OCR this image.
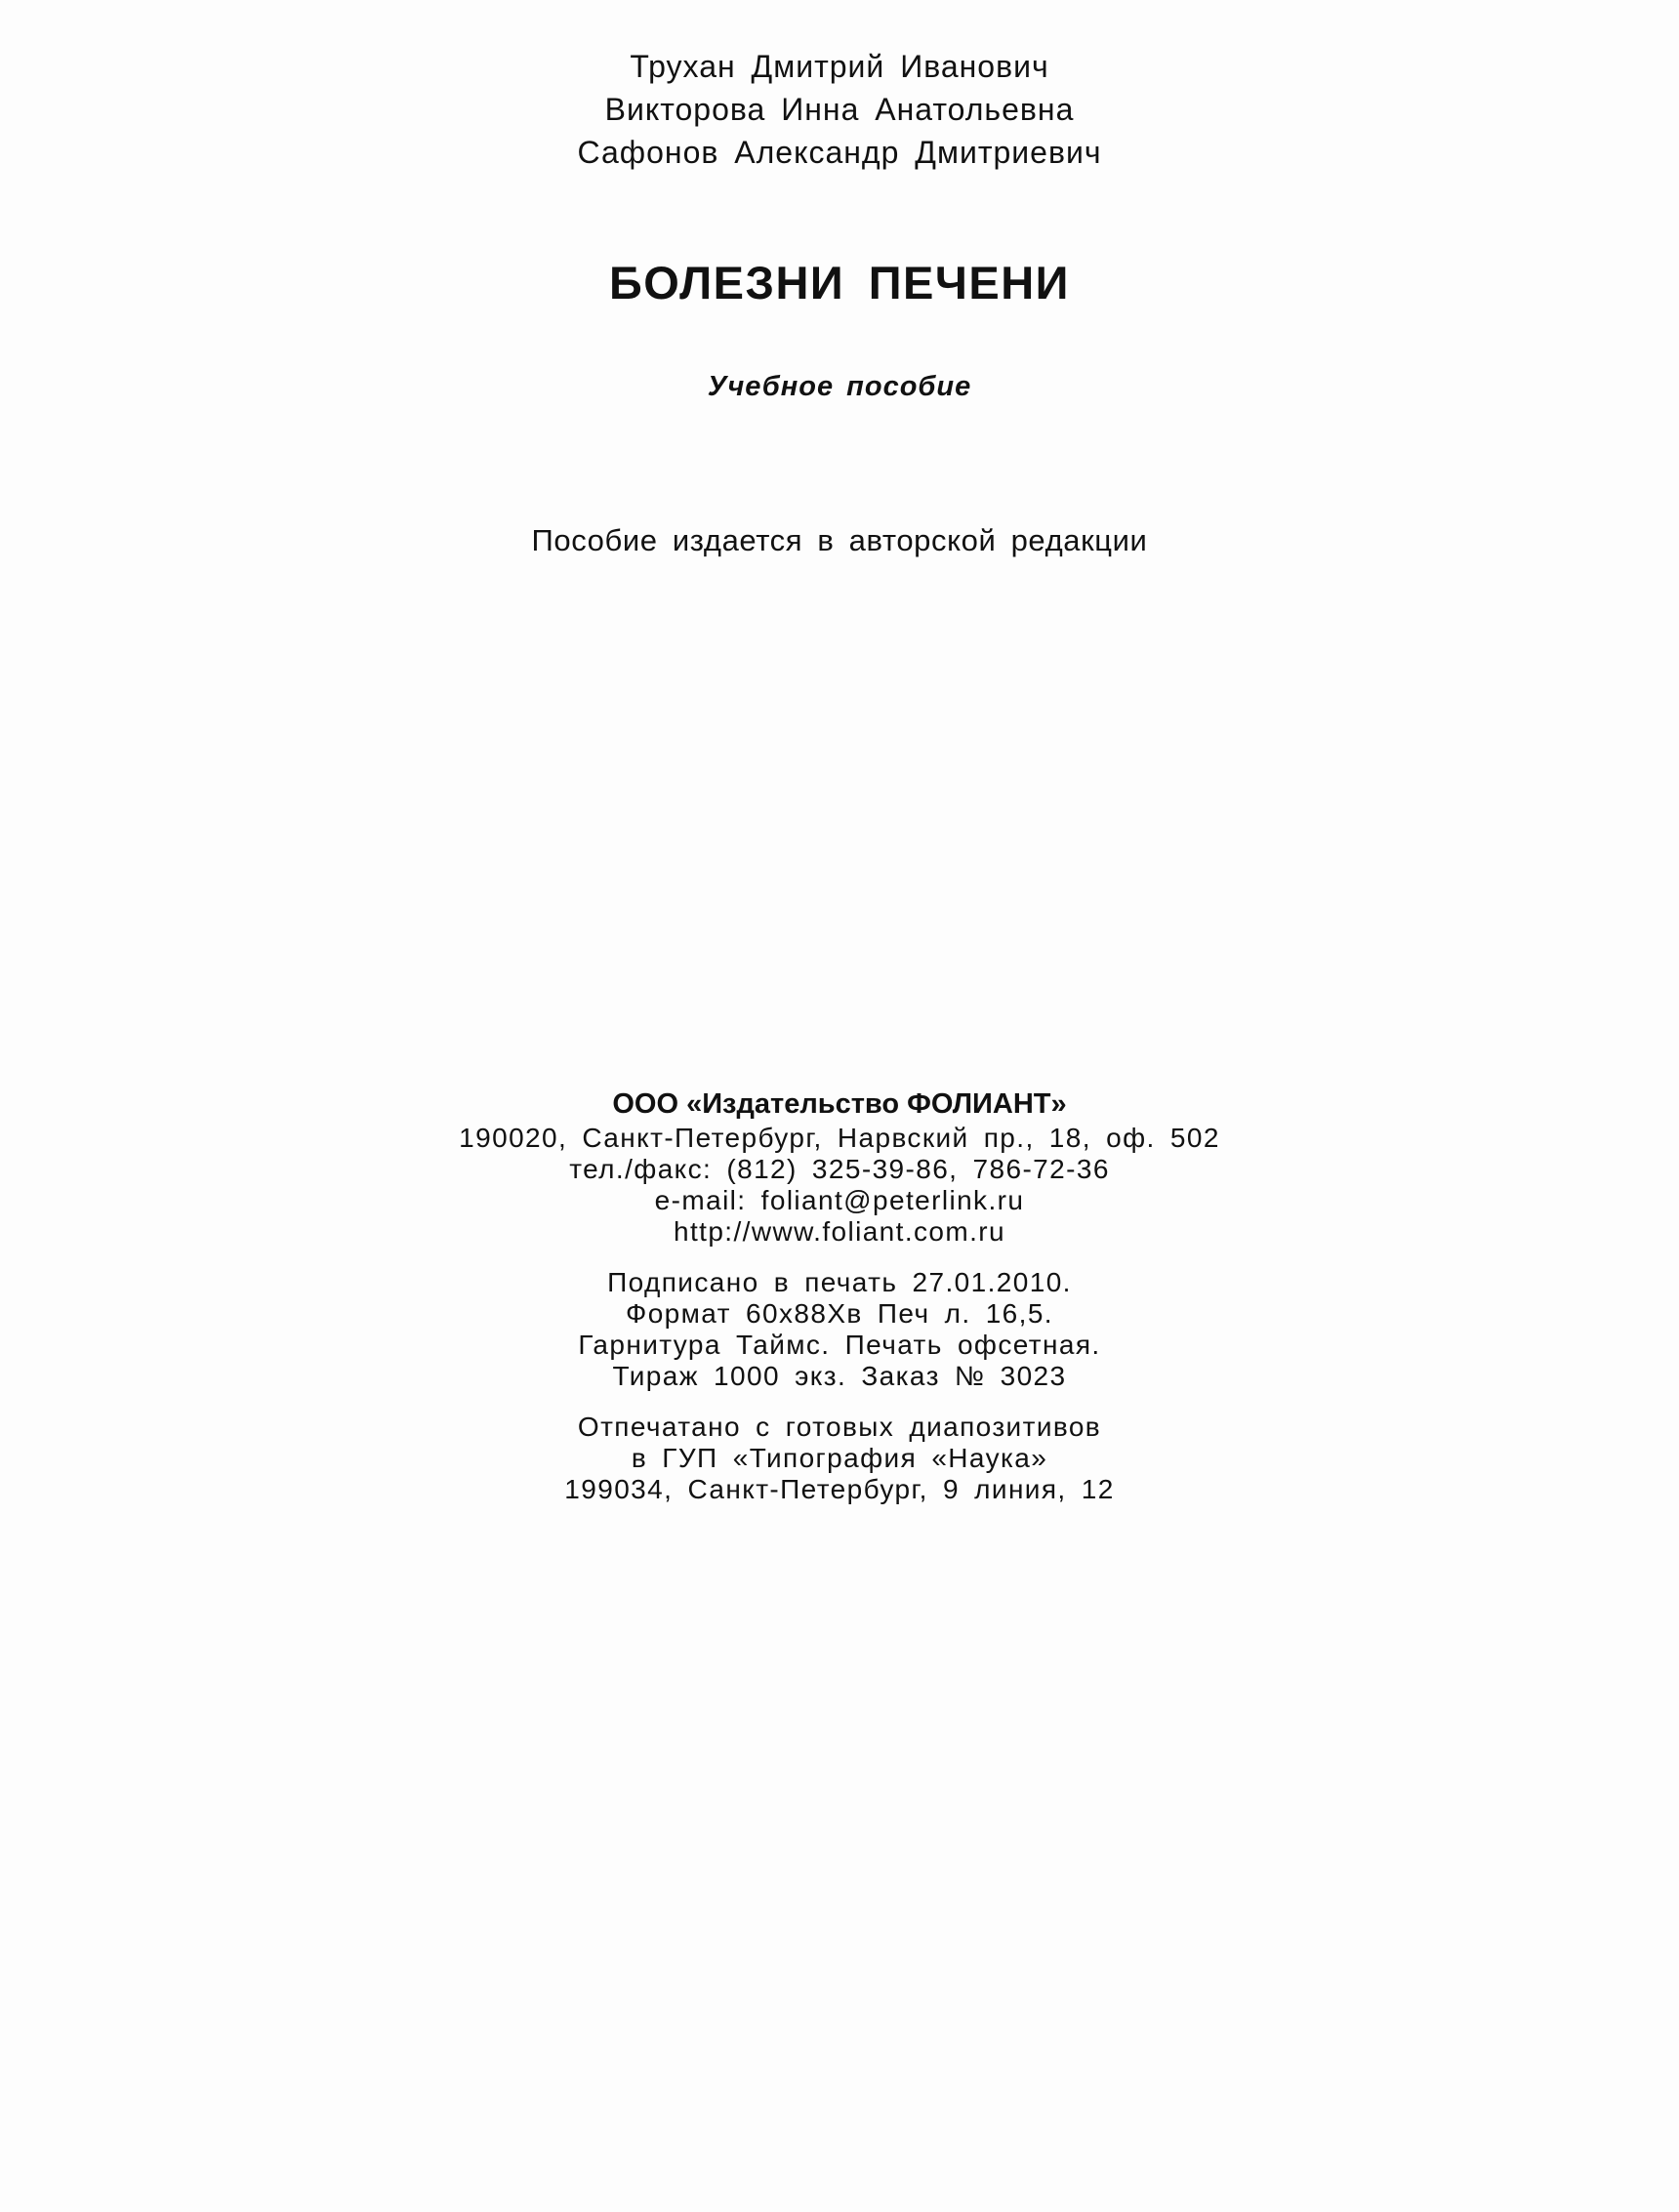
Трухан Дмитрий Иванович
Викторова Инна Анатольевна
Сафонов Александр Дмитриевич
БОЛЕЗНИ ПЕЧЕНИ
Учебное пособие
Пособие издается в авторской редакции
ООО «Издательство ФОЛИАНТ»
190020, Санкт-Петербург, Нарвский пр., 18, оф. 502
тел./факс: (812) 325-39-86, 786-72-36
e-mail: foliant@peterlink.ru
http://www.foliant.com.ru
Подписано в печать 27.01.2010.
Формат 60х88Хв Печ л. 16,5.
Гарнитура Таймс. Печать офсетная.
Тираж 1000 экз. Заказ № 3023
Отпечатано с готовых диапозитивов
в ГУП «Типография «Наука»
199034, Санкт-Петербург, 9 линия, 12
